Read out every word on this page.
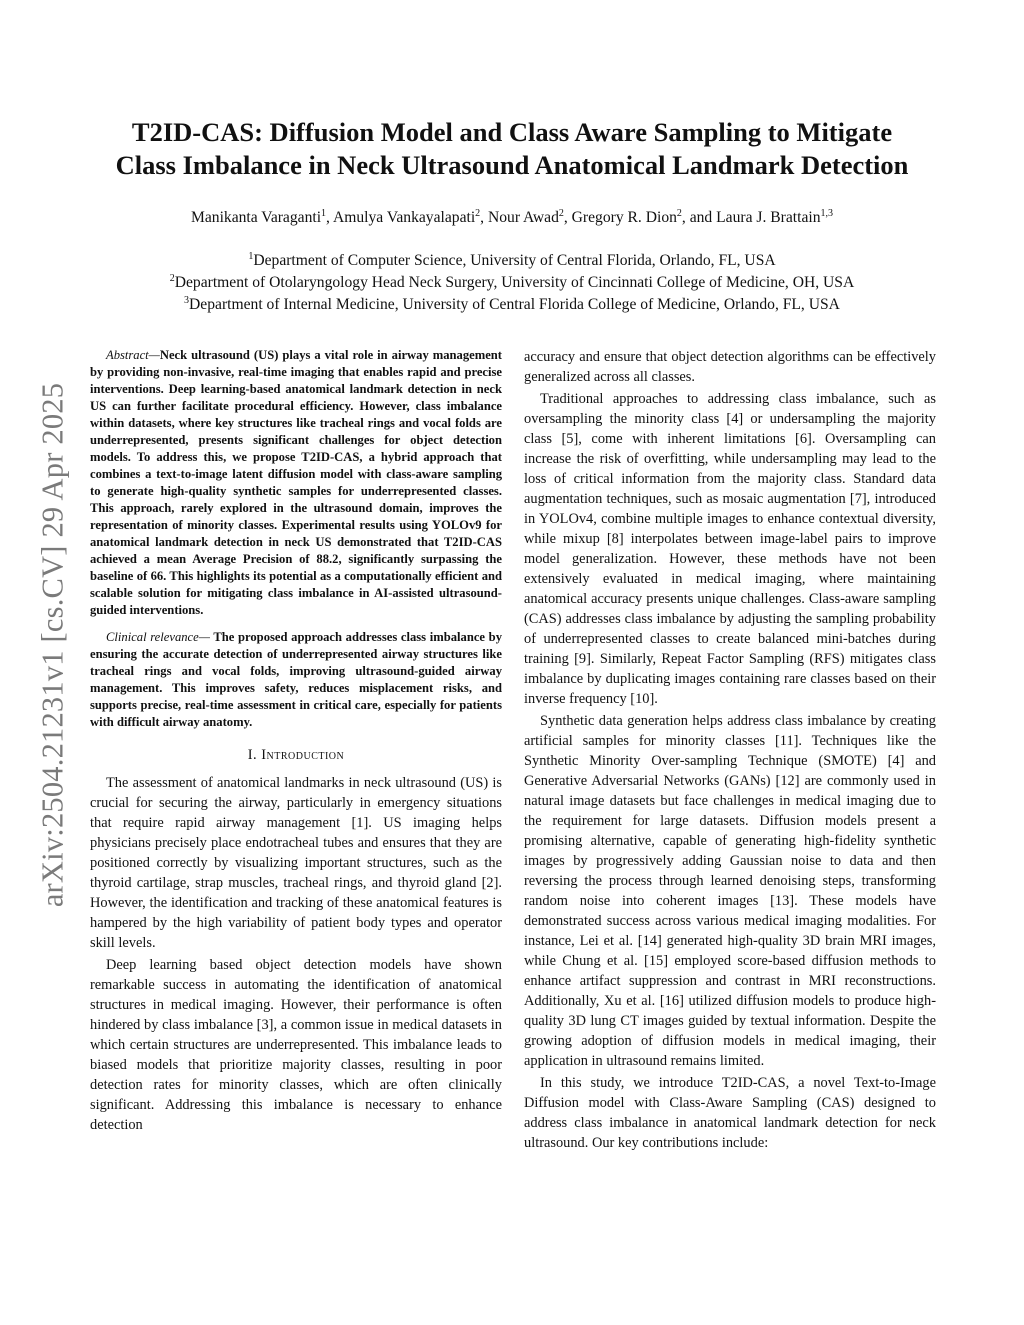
arXiv:2504.21231v1 [cs.CV] 29 Apr 2025
T2ID-CAS: Diffusion Model and Class Aware Sampling to Mitigate
Class Imbalance in Neck Ultrasound Anatomical Landmark Detection
Manikanta Varaganti$^1$, Amulya Vankayalapati$^2$, Nour Awad$^2$, Gregory R. Dion$^2$, and Laura J. Brattain$^{1,3}$
$^1$Department of Computer Science, University of Central Florida, Orlando, FL, USA
$^2$Department of Otolaryngology Head Neck Surgery, University of Cincinnati College of Medicine, OH, USA
$^3$Department of Internal Medicine, University of Central Florida College of Medicine, Orlando, FL, USA

Abstract—Neck ultrasound (US) plays a vital role in airway management by providing non-invasive, real-time imaging that enables rapid and precise interventions. Deep learning-based anatomical landmark detection in neck US can further facilitate procedural efficiency. However, class imbalance within datasets, where key structures like tracheal rings and vocal folds are underrepresented, presents significant challenges for object detection models. To address this, we propose T2ID-CAS, a hybrid approach that combines a text-to-image latent diffusion model with class-aware sampling to generate high-quality synthetic samples for underrepresented classes. This approach, rarely explored in the ultrasound domain, improves the representation of minority classes. Experimental results using YOLOv9 for anatomical landmark detection in neck US demonstrated that T2ID-CAS achieved a mean Average Precision of 88.2, significantly surpassing the baseline of 66. This highlights its potential as a computationally efficient and scalable solution for mitigating class imbalance in AI-assisted ultrasound-guided interventions.

Clinical relevance— The proposed approach addresses class imbalance by ensuring the accurate detection of underrepresented airway structures like tracheal rings and vocal folds, improving ultrasound-guided airway management. This improves safety, reduces misplacement risks, and supports precise, real-time assessment in critical care, especially for patients with difficult airway anatomy.

I. Introduction

The assessment of anatomical landmarks in neck ultrasound (US) is crucial for securing the airway, particularly in emergency situations that require rapid airway management [1]. US imaging helps physicians precisely place endotracheal tubes and ensures that they are positioned correctly by visualizing important structures, such as the thyroid cartilage, strap muscles, tracheal rings, and thyroid gland [2]. However, the identification and tracking of these anatomical features is hampered by the high variability of patient body types and operator skill levels.

Deep learning based object detection models have shown remarkable success in automating the identification of anatomical structures in medical imaging. However, their performance is often hindered by class imbalance [3], a common issue in medical datasets in which certain structures are underrepresented. This imbalance leads to biased models that prioritize majority classes, resulting in poor detection rates for minority classes, which are often clinically significant. Addressing this imbalance is necessary to enhance detection

accuracy and ensure that object detection algorithms can be effectively generalized across all classes.

Traditional approaches to addressing class imbalance, such as oversampling the minority class [4] or undersampling the majority class [5], come with inherent limitations [6]. Oversampling can increase the risk of overfitting, while undersampling may lead to the loss of critical information from the majority class. Standard data augmentation techniques, such as mosaic augmentation [7], introduced in YOLOv4, combine multiple images to enhance contextual diversity, while mixup [8] interpolates between image-label pairs to improve model generalization. However, these methods have not been extensively evaluated in medical imaging, where maintaining anatomical accuracy presents unique challenges. Class-aware sampling (CAS) addresses class imbalance by adjusting the sampling probability of underrepresented classes to create balanced mini-batches during training [9]. Similarly, Repeat Factor Sampling (RFS) mitigates class imbalance by duplicating images containing rare classes based on their inverse frequency [10].

Synthetic data generation helps address class imbalance by creating artificial samples for minority classes [11]. Techniques like the Synthetic Minority Over-sampling Technique (SMOTE) [4] and Generative Adversarial Networks (GANs) [12] are commonly used in natural image datasets but face challenges in medical imaging due to the requirement for large datasets. Diffusion models present a promising alternative, capable of generating high-fidelity synthetic images by progressively adding Gaussian noise to data and then reversing the process through learned denoising steps, transforming random noise into coherent images [13]. These models have demonstrated success across various medical imaging modalities. For instance, Lei et al. [14] generated high-quality 3D brain MRI images, while Chung et al. [15] employed score-based diffusion methods to enhance artifact suppression and contrast in MRI reconstructions. Additionally, Xu et al. [16] utilized diffusion models to produce high-quality 3D lung CT images guided by textual information. Despite the growing adoption of diffusion models in medical imaging, their application in ultrasound remains limited.

In this study, we introduce T2ID-CAS, a novel Text-to-Image Diffusion model with Class-Aware Sampling (CAS) designed to address class imbalance in anatomical landmark detection for neck ultrasound. Our key contributions include:
